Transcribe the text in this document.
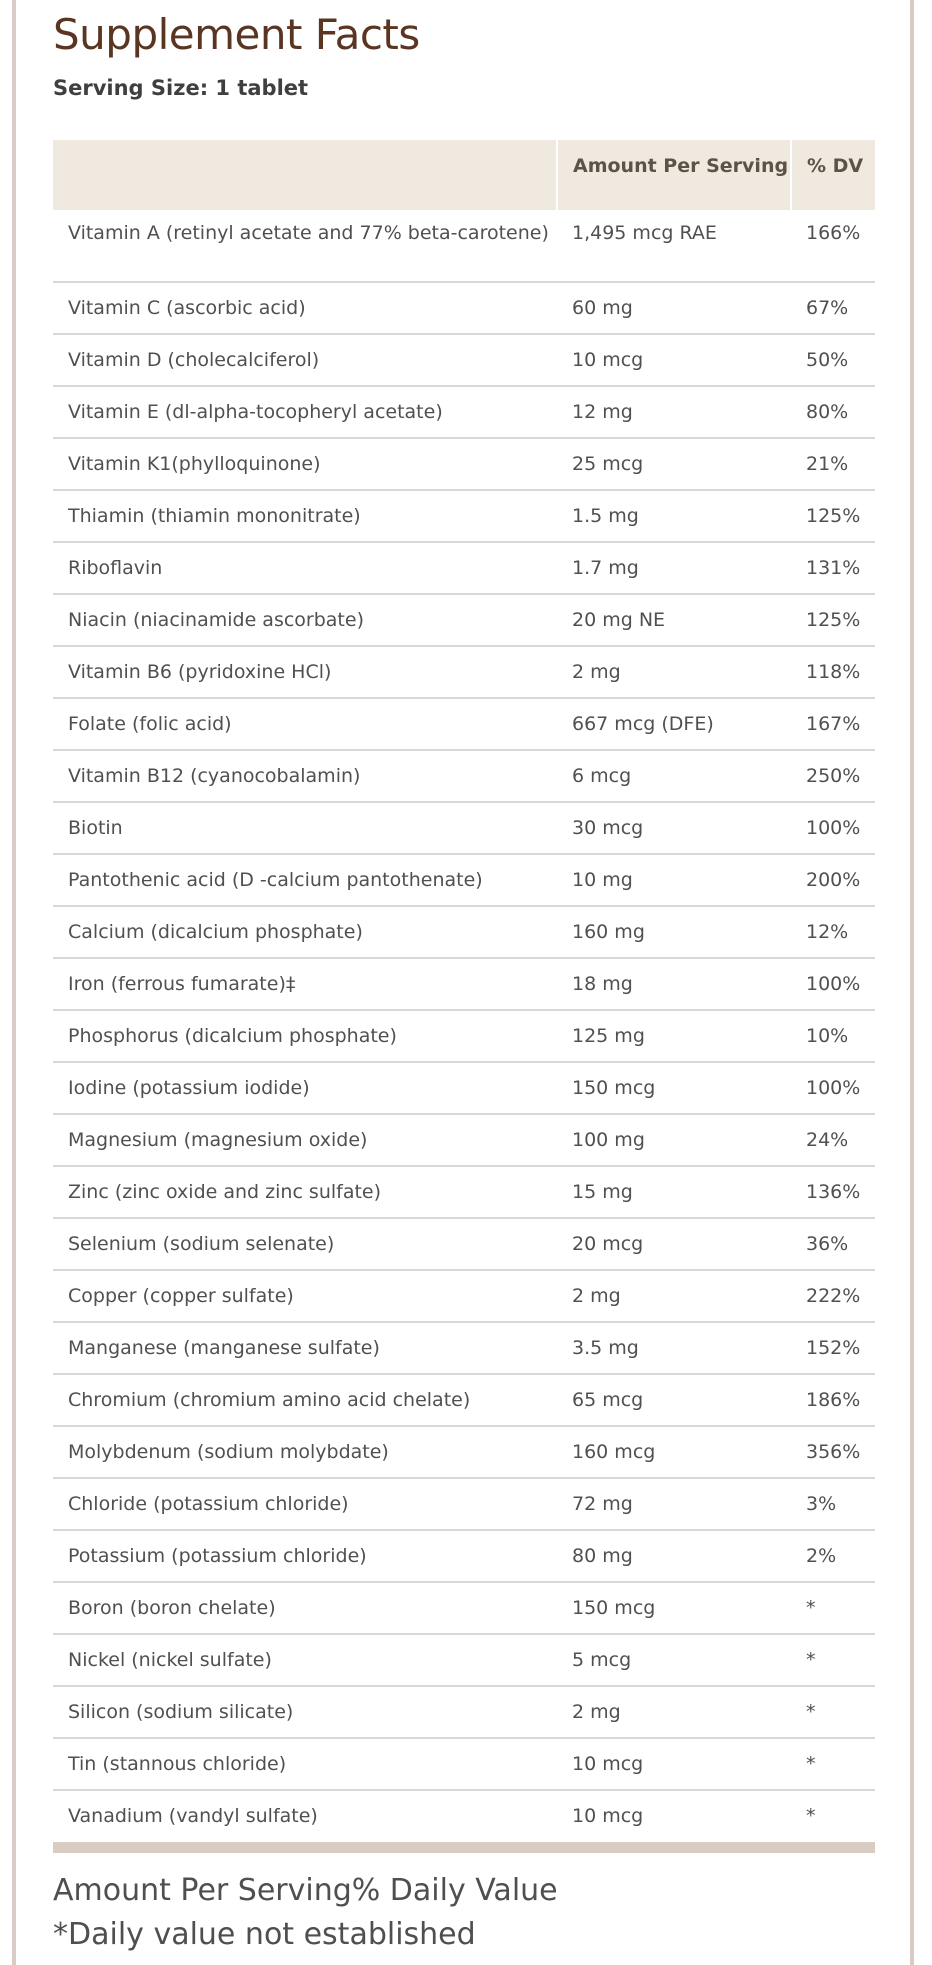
Supplement Facts
Serving Size: 1 tablet
	Amount Per Serving	% DV
Vitamin A (retinyl acetate and 77% beta-carotene)	1,495 mcg RAE	166%
Vitamin C (ascorbic acid)	60 mg	67%
Vitamin D (cholecalciferol)	10 mcg	50%
Vitamin E (dl-alpha-tocopheryl acetate)	12 mg	80%
Vitamin K1(phylloquinone)	25 mcg	21%
Thiamin (thiamin mononitrate)	1.5 mg	125%
Riboflavin	1.7 mg	131%
Niacin (niacinamide ascorbate)	20 mg NE	125%
Vitamin B6 (pyridoxine HCl)	2 mg	118%
Folate (folic acid)	667 mcg (DFE)	167%
Vitamin B12 (cyanocobalamin)	6 mcg	250%
Biotin	30 mcg	100%
Pantothenic acid (D -calcium pantothenate)	10 mg	200%
Calcium (dicalcium phosphate)	160 mg	12%
Iron (ferrous fumarate)‡	18 mg	100%
Phosphorus (dicalcium phosphate)	125 mg	10%
Iodine (potassium iodide)	150 mcg	100%
Magnesium (magnesium oxide)	100 mg	24%
Zinc (zinc oxide and zinc sulfate)	15 mg	136%
Selenium (sodium selenate)	20 mcg	36%
Copper (copper sulfate)	2 mg	222%
Manganese (manganese sulfate)	3.5 mg	152%
Chromium (chromium amino acid chelate)	65 mcg	186%
Molybdenum (sodium molybdate)	160 mcg	356%
Chloride (potassium chloride)	72 mg	3%
Potassium (potassium chloride)	80 mg	2%
Boron (boron chelate)	150 mcg	*
Nickel (nickel sulfate)	5 mcg	*
Silicon (sodium silicate)	2 mg	*
Tin (stannous chloride)	10 mcg	*
Vanadium (vandyl sulfate)	10 mcg	*
Amount Per Serving% Daily Value
*Daily value not established
